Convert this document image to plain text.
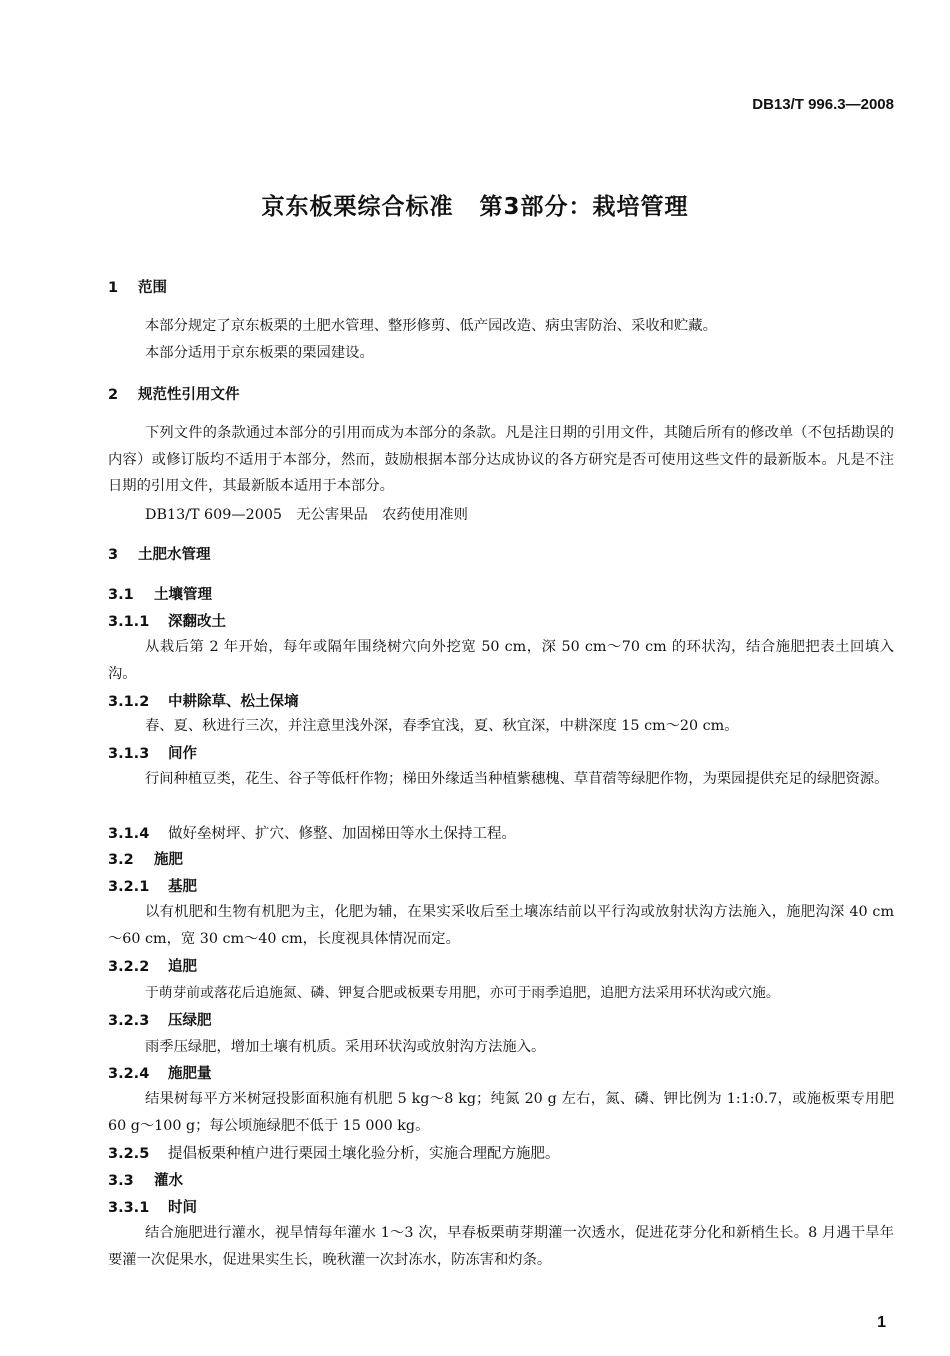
DB13/T 996.3—2008
京东板栗综合标准 第3部分：栽培管理
1 范围
本部分规定了京东板栗的土肥水管理、整形修剪、低产园改造、病虫害防治、采收和贮藏。
本部分适用于京东板栗的栗园建设。
2 规范性引用文件
下列文件的条款通过本部分的引用而成为本部分的条款。凡是注日期的引用文件，其随后所有的修改单（不包括勘误的内容）或修订版均不适用于本部分，然而，鼓励根据本部分达成协议的各方研究是否可使用这些文件的最新版本。凡是不注日期的引用文件，其最新版本适用于本部分。
DB13/T 609—2005　无公害果品　农药使用准则
3 土肥水管理
3.1 土壤管理
3.1.1 深翻改土
从栽后第 2 年开始，每年或隔年围绕树穴向外挖宽 50 cm，深 50 cm～70 cm 的环状沟，结合施肥把表土回填入沟。
3.1.2 中耕除草、松土保墒
春、夏、秋进行三次，并注意里浅外深，春季宜浅，夏、秋宜深，中耕深度 15 cm～20 cm。
3.1.3 间作
行间种植豆类，花生、谷子等低杆作物；梯田外缘适当种植紫穗槐、草苜蓿等绿肥作物，为栗园提供充足的绿肥资源。
3.1.4 做好垒树坪、扩穴、修整、加固梯田等水土保持工程。
3.2 施肥
3.2.1 基肥
以有机肥和生物有机肥为主，化肥为辅，在果实采收后至土壤冻结前以平行沟或放射状沟方法施入，施肥沟深 40 cm～60 cm，宽 30 cm～40 cm，长度视具体情况而定。
3.2.2 追肥
于萌芽前或落花后追施氮、磷、钾复合肥或板栗专用肥，亦可于雨季追肥，追肥方法采用环状沟或穴施。
3.2.3 压绿肥
雨季压绿肥，增加土壤有机质。采用环状沟或放射沟方法施入。
3.2.4 施肥量
结果树每平方米树冠投影面积施有机肥 5 kg～8 kg；纯氮 20 g 左右，氮、磷、钾比例为 1:1:0.7，或施板栗专用肥 60 g～100 g；每公顷施绿肥不低于 15 000 kg。
3.2.5 提倡板栗种植户进行栗园土壤化验分析，实施合理配方施肥。
3.3 灌水
3.3.1 时间
结合施肥进行灌水，视旱情每年灌水 1～3 次，早春板栗萌芽期灌一次透水，促进花芽分化和新梢生长。8 月遇干旱年要灌一次促果水，促进果实生长，晚秋灌一次封冻水，防冻害和灼条。
1
